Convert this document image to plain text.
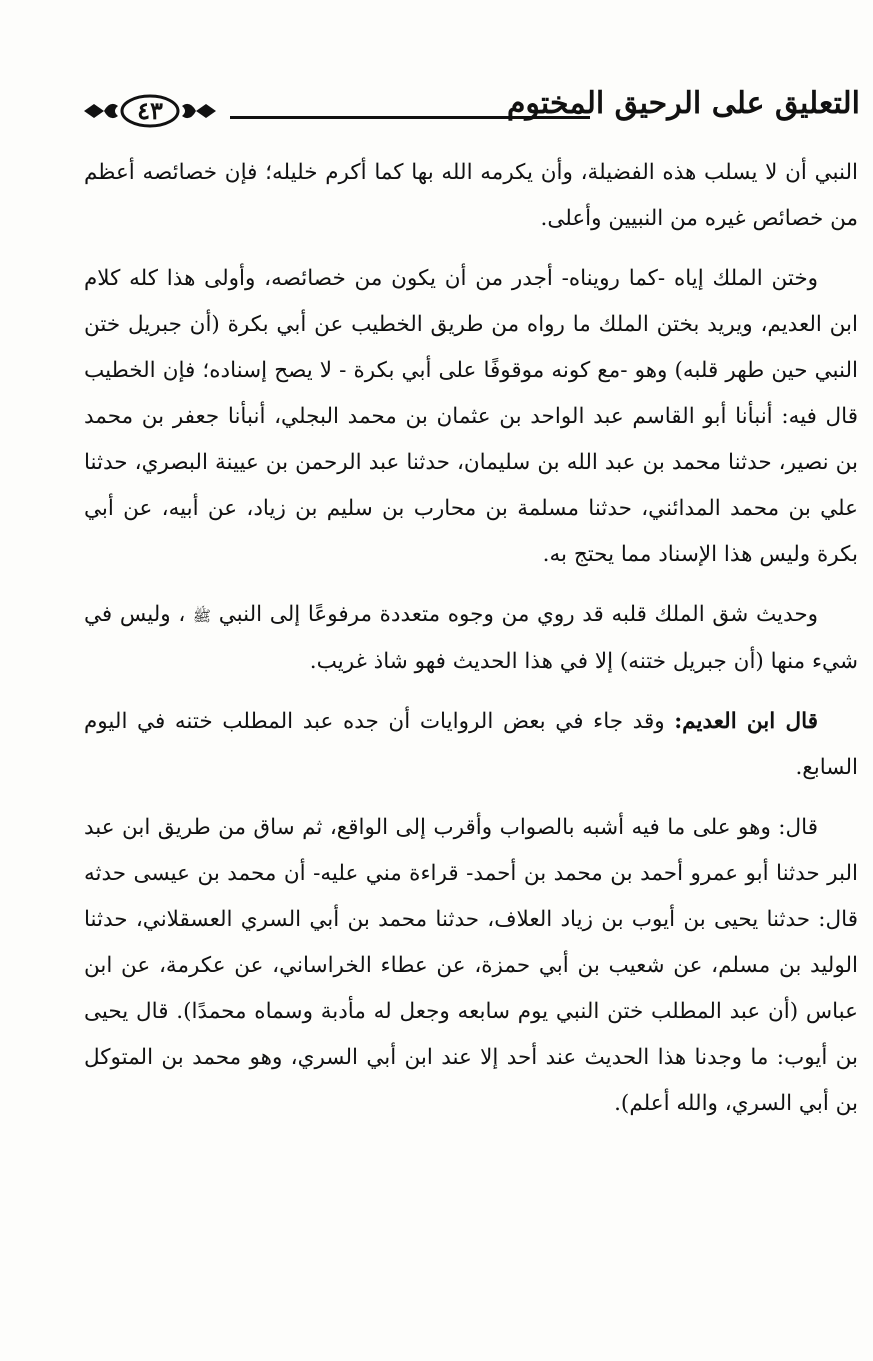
التعليق على الرحيق المختوم
٤٣

النبي أن لا يسلب هذه الفضيلة، وأن يكرمه الله بها كما أكرم خليله؛ فإن خصائصه أعظم من خصائص غيره من النبيين وأعلى.

وختن الملك إياه -كما رويناه- أجدر من أن يكون من خصائصه، وأولى هذا كله كلام ابن العديم، ويريد بختن الملك ما رواه من طريق الخطيب عن أبي بكرة (أن جبريل ختن النبي حين طهر قلبه) وهو -مع كونه موقوفًا على أبي بكرة - لا يصح إسناده؛ فإن الخطيب قال فيه: أنبأنا أبو القاسم عبد الواحد بن عثمان بن محمد البجلي، أنبأنا جعفر بن محمد بن نصير، حدثنا محمد بن عبد الله بن سليمان، حدثنا عبد الرحمن بن عيينة البصري، حدثنا علي بن محمد المدائني، حدثنا مسلمة بن محارب بن سليم بن زياد، عن أبيه، عن أبي بكرة وليس هذا الإسناد مما يحتج به.

وحديث شق الملك قلبه قد روي من وجوه متعددة مرفوعًا إلى النبي ﷺ ، وليس في شيء منها (أن جبريل ختنه) إلا في هذا الحديث فهو شاذ غريب.

قال ابن العديم: وقد جاء في بعض الروايات أن جده عبد المطلب ختنه في اليوم السابع.

قال: وهو على ما فيه أشبه بالصواب وأقرب إلى الواقع، ثم ساق من طريق ابن عبد البر حدثنا أبو عمرو أحمد بن محمد بن أحمد- قراءة مني عليه- أن محمد بن عيسى حدثه قال: حدثنا يحيى بن أيوب بن زياد العلاف، حدثنا محمد بن أبي السري العسقلاني، حدثنا الوليد بن مسلم، عن شعيب بن أبي حمزة، عن عطاء الخراساني، عن عكرمة، عن ابن عباس (أن عبد المطلب ختن النبي يوم سابعه وجعل له مأدبة وسماه محمدًا). قال يحيى بن أيوب: ما وجدنا هذا الحديث عند أحد إلا عند ابن أبي السري، وهو محمد بن المتوكل بن أبي السري، والله أعلم).
